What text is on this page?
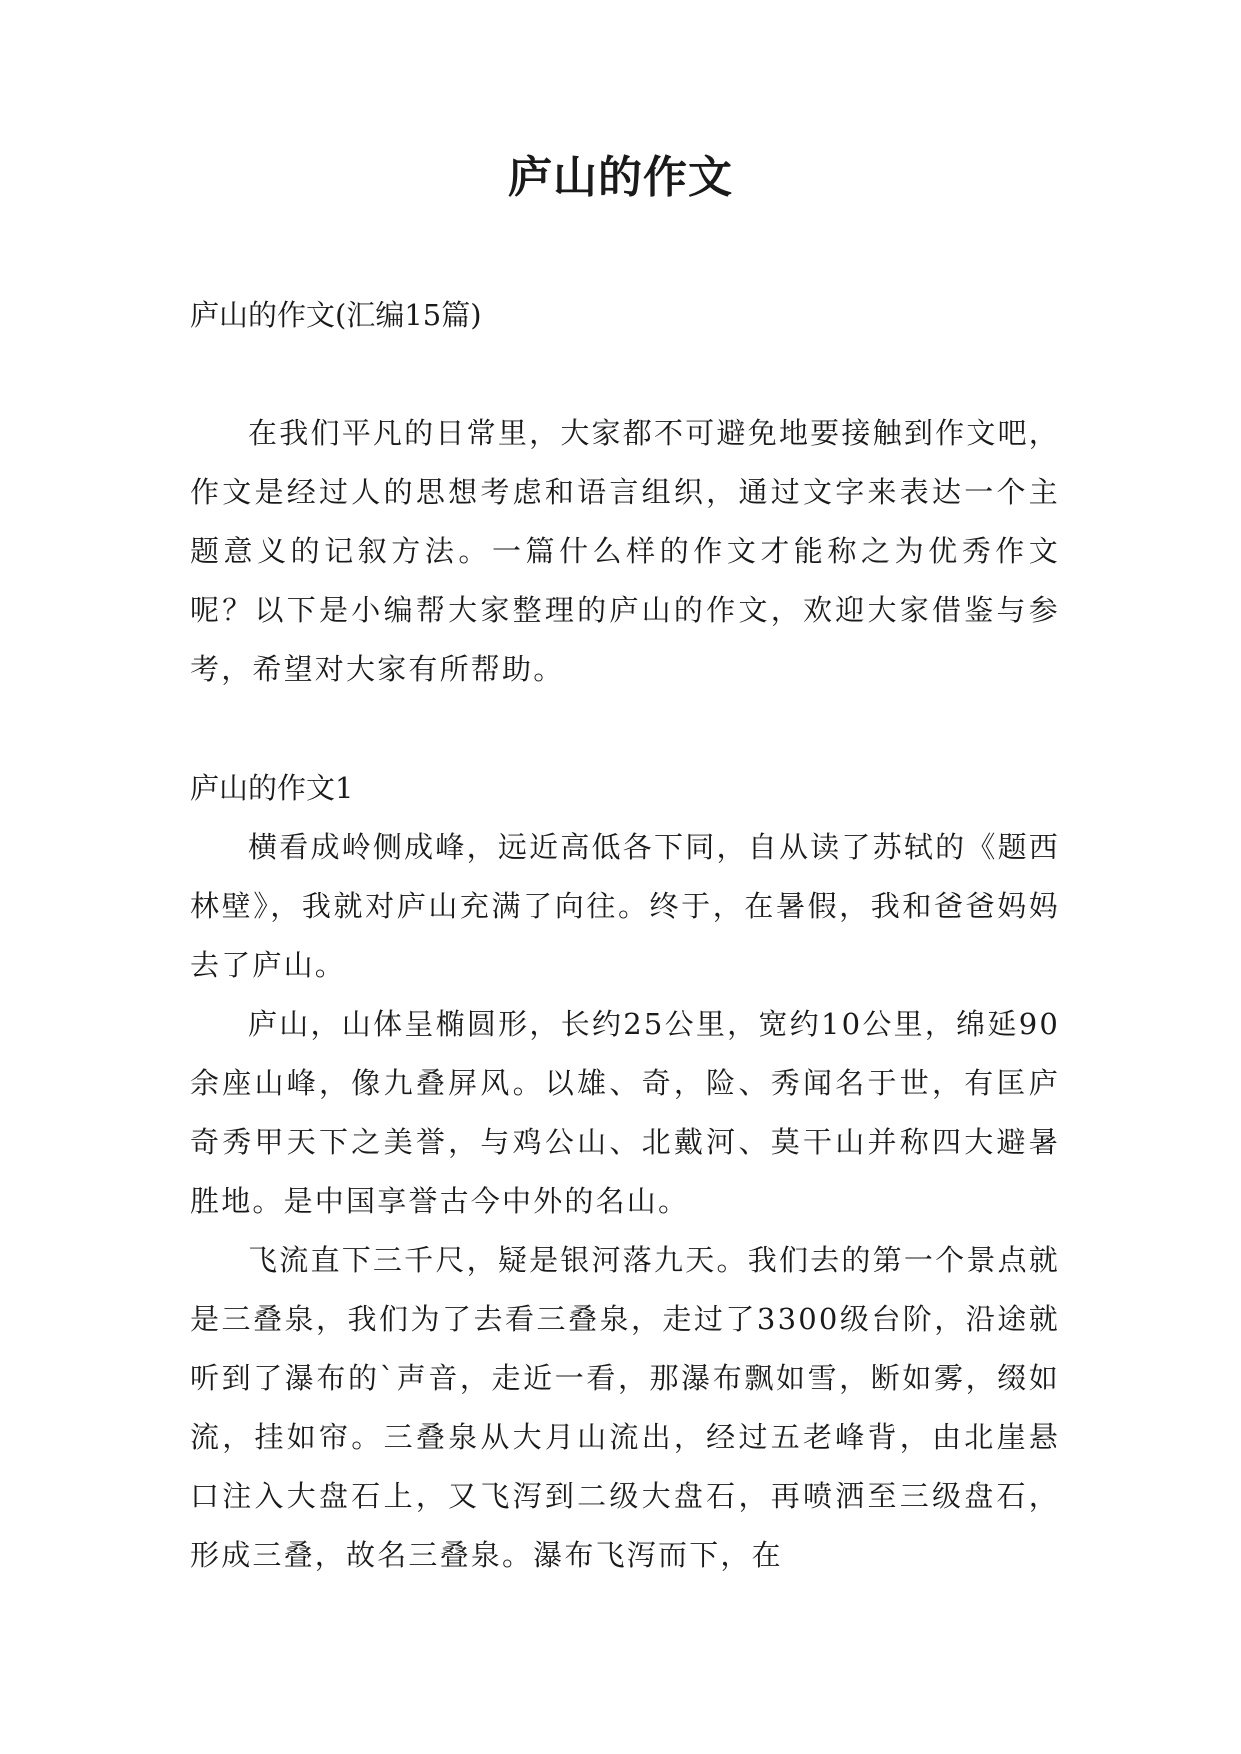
庐山的作文

庐山的作文(汇编15篇)

在我们平凡的日常里，大家都不可避免地要接触到作文吧，作文是经过人的思想考虑和语言组织，通过文字来表达一个主题意义的记叙方法。一篇什么样的作文才能称之为优秀作文呢？以下是小编帮大家整理的庐山的作文，欢迎大家借鉴与参考，希望对大家有所帮助。

庐山的作文1

横看成岭侧成峰，远近高低各下同，自从读了苏轼的《题西林壁》，我就对庐山充满了向往。终于，在暑假，我和爸爸妈妈去了庐山。

庐山，山体呈椭圆形，长约25公里，宽约10公里，绵延90余座山峰，像九叠屏风。以雄、奇，险、秀闻名于世，有匡庐奇秀甲天下之美誉，与鸡公山、北戴河、莫干山并称四大避暑胜地。是中国享誉古今中外的名山。

飞流直下三千尺，疑是银河落九天。我们去的第一个景点就是三叠泉，我们为了去看三叠泉，走过了3300级台阶，沿途就听到了瀑布的`声音，走近一看，那瀑布飘如雪，断如雾，缀如流，挂如帘。三叠泉从大月山流出，经过五老峰背，由北崖悬口注入大盘石上，又飞泻到二级大盘石，再喷洒至三级盘石，形成三叠，故名三叠泉。瀑布飞泻而下，在
